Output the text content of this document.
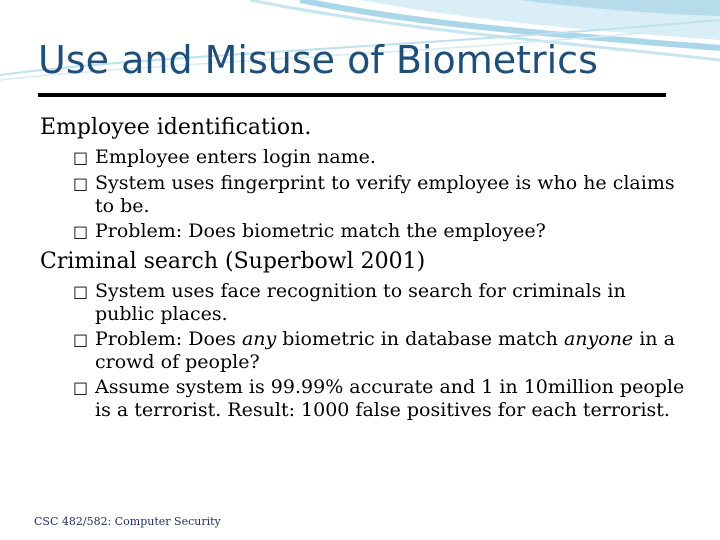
Use and Misuse of Biometrics

Employee identification.

□ Employee enters login name.
□ System uses fingerprint to verify employee is who he claims to be.
□ Problem: Does biometric match the employee?

Criminal search (Superbowl 2001)

□ System uses face recognition to search for criminals in public places.
□ Problem: Does any biometric in database match anyone in a crowd of people?
□ Assume system is 99.99% accurate and 1 in 10million people is a terrorist. Result: 1000 false positives for each terrorist.
CSC 482/582: Computer Security
